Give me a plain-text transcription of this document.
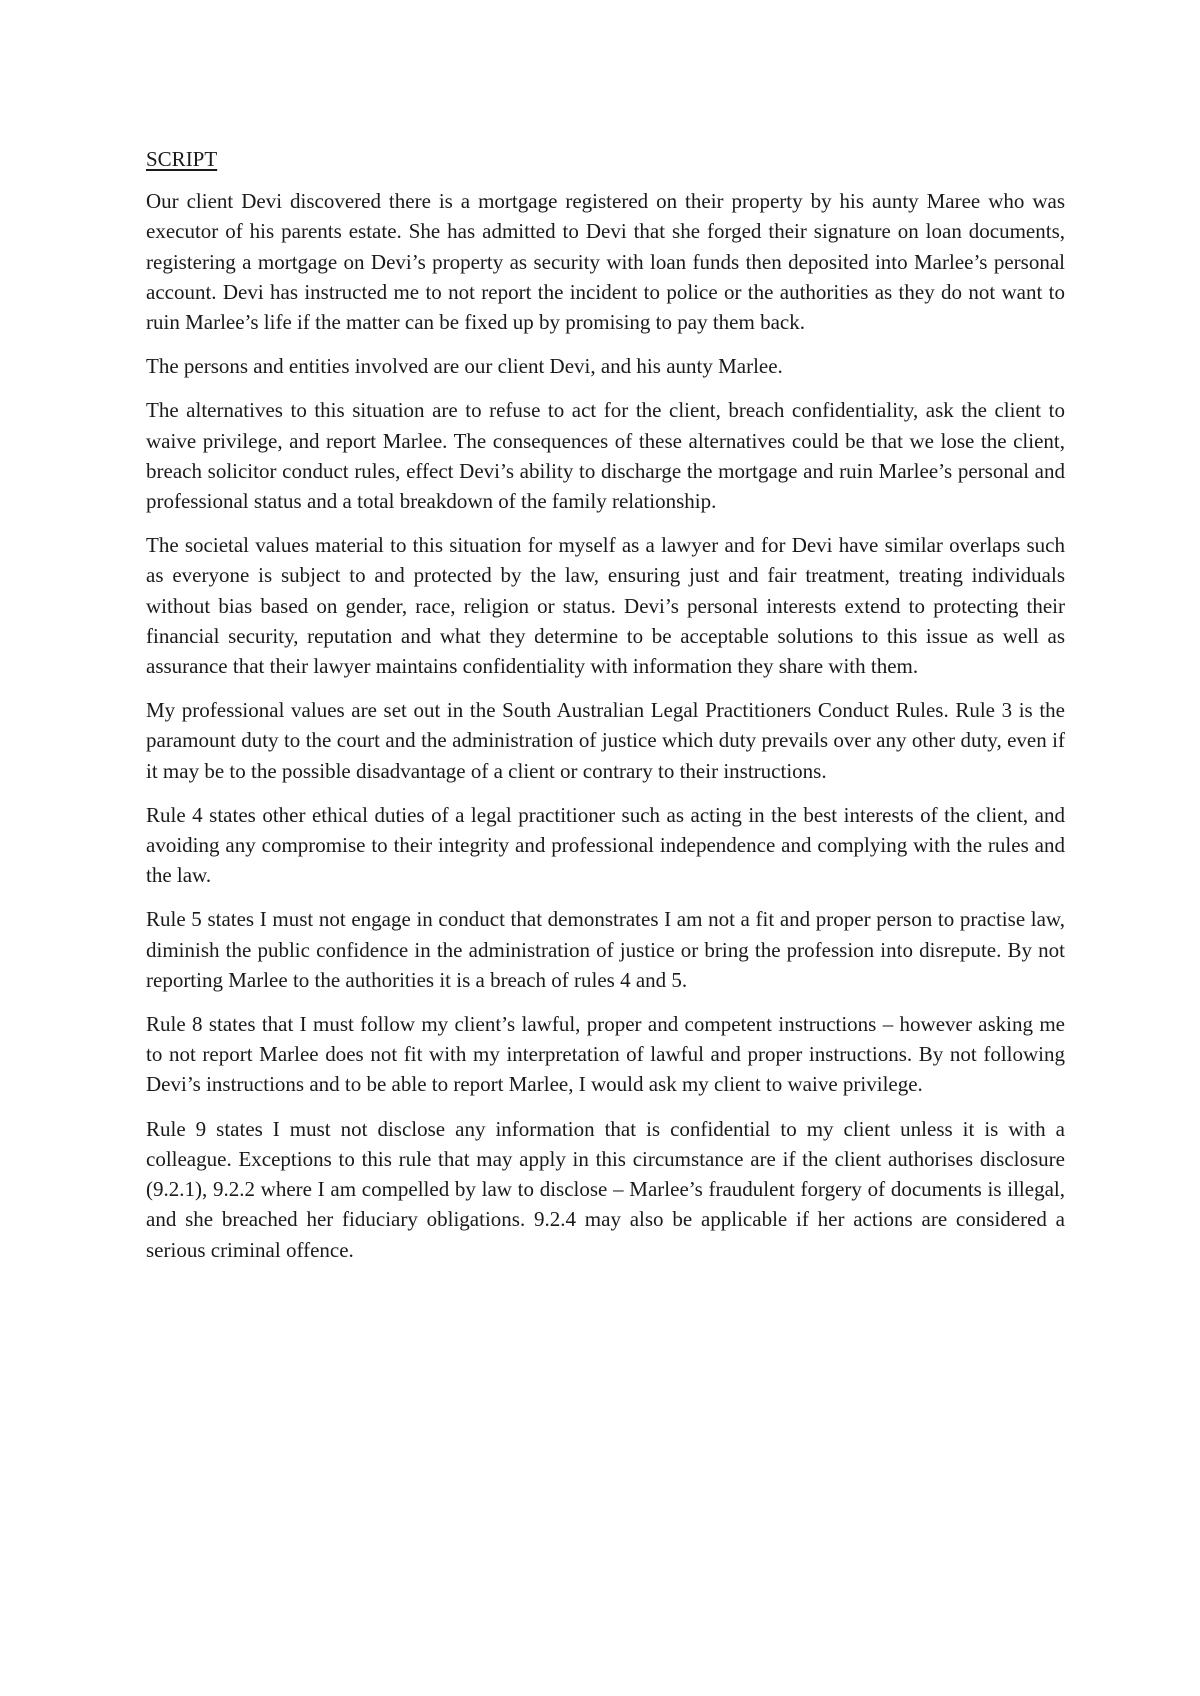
SCRIPT

Our client Devi discovered there is a mortgage registered on their property by his aunty Maree who was executor of his parents estate. She has admitted to Devi that she forged their signature on loan documents, registering a mortgage on Devi’s property as security with loan funds then deposited into Marlee’s personal account. Devi has instructed me to not report the incident to police or the authorities as they do not want to ruin Marlee’s life if the matter can be fixed up by promising to pay them back.

The persons and entities involved are our client Devi, and his aunty Marlee.

The alternatives to this situation are to refuse to act for the client, breach confidentiality, ask the client to waive privilege, and report Marlee. The consequences of these alternatives could be that we lose the client, breach solicitor conduct rules, effect Devi’s ability to discharge the mortgage and ruin Marlee’s personal and professional status and a total breakdown of the family relationship.

The societal values material to this situation for myself as a lawyer and for Devi have similar overlaps such as everyone is subject to and protected by the law, ensuring just and fair treatment, treating individuals without bias based on gender, race, religion or status. Devi’s personal interests extend to protecting their financial security, reputation and what they determine to be acceptable solutions to this issue as well as assurance that their lawyer maintains confidentiality with information they share with them.

My professional values are set out in the South Australian Legal Practitioners Conduct Rules. Rule 3 is the paramount duty to the court and the administration of justice which duty prevails over any other duty, even if it may be to the possible disadvantage of a client or contrary to their instructions.

Rule 4 states other ethical duties of a legal practitioner such as acting in the best interests of the client, and avoiding any compromise to their integrity and professional independence and complying with the rules and the law.

Rule 5 states I must not engage in conduct that demonstrates I am not a fit and proper person to practise law, diminish the public confidence in the administration of justice or bring the profession into disrepute. By not reporting Marlee to the authorities it is a breach of rules 4 and 5.

Rule 8 states that I must follow my client’s lawful, proper and competent instructions – however asking me to not report Marlee does not fit with my interpretation of lawful and proper instructions. By not following Devi’s instructions and to be able to report Marlee, I would ask my client to waive privilege.

Rule 9 states I must not disclose any information that is confidential to my client unless it is with a colleague. Exceptions to this rule that may apply in this circumstance are if the client authorises disclosure (9.2.1), 9.2.2 where I am compelled by law to disclose – Marlee’s fraudulent forgery of documents is illegal, and she breached her fiduciary obligations. 9.2.4 may also be applicable if her actions are considered a serious criminal offence.
